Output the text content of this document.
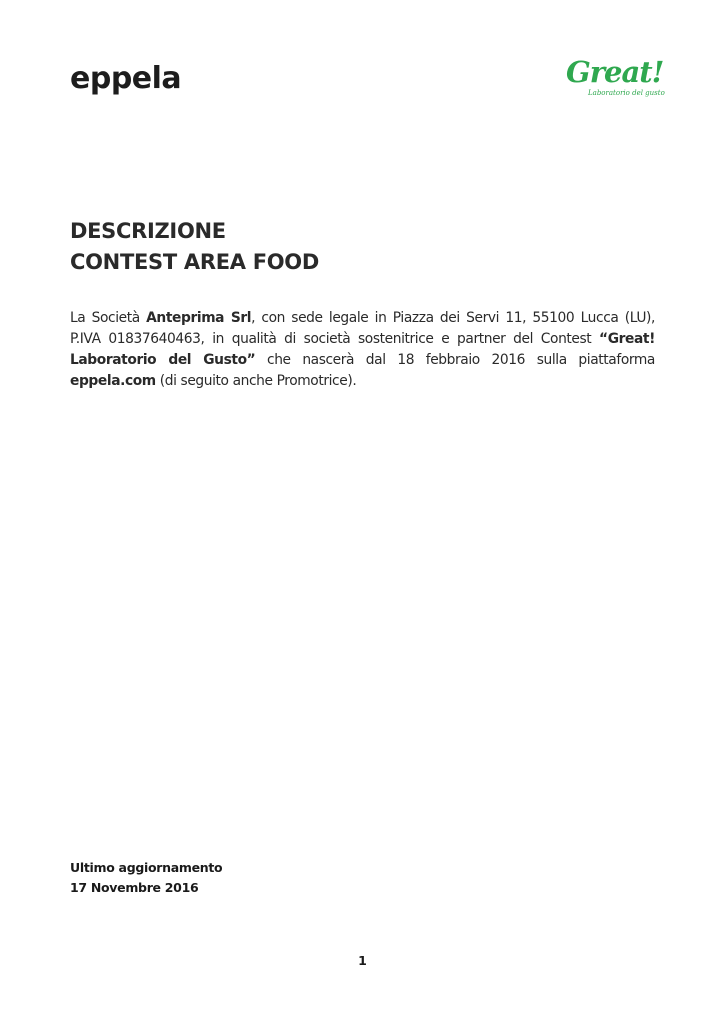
eppela	Great!
Laboratorio del gusto
DESCRIZIONE
CONTEST AREA FOOD

La Società Anteprima Srl, con sede legale in Piazza dei Servi 11, 55100 Lucca (LU), P.IVA 01837640463, in qualità di società sostenitrice e partner del Contest “Great! Laboratorio del Gusto” che nascerà dal 18 febbraio 2016 sulla piattaforma eppela.com (di seguito anche Promotrice).

Ultimo aggiornamento
17 Novembre 2016
1
